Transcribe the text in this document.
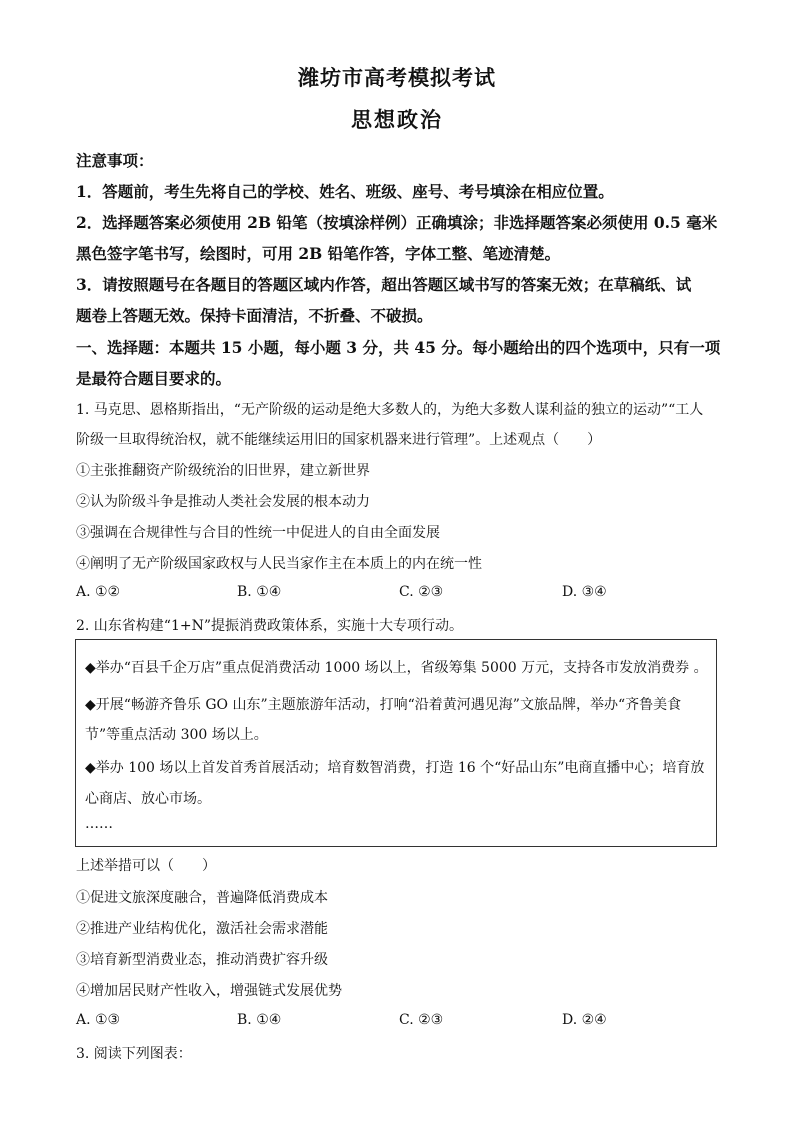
潍坊市高考模拟考试
思想政治
注意事项：
1．答题前，考生先将自己的学校、姓名、班级、座号、考号填涂在相应位置。
2．选择题答案必须使用 2B 铅笔（按填涂样例）正确填涂；非选择题答案必须使用 0.5 毫米
黑色签字笔书写，绘图时，可用 2B 铅笔作答，字体工整、笔迹清楚。
3．请按照题号在各题目的答题区域内作答，超出答题区域书写的答案无效；在草稿纸、试
题卷上答题无效。保持卡面清洁，不折叠、不破损。
一、选择题：本题共 15 小题，每小题 3 分，共 45 分。每小题给出的四个选项中，只有一项
是最符合题目要求的。
1. 马克思、恩格斯指出，“无产阶级的运动是绝大多数人的，为绝大多数人谋利益的独立的运动”“工人
阶级一旦取得统治权，就不能继续运用旧的国家机器来进行管理”。上述观点（　　）
①主张推翻资产阶级统治的旧世界，建立新世界
②认为阶级斗争是推动人类社会发展的根本动力
③强调在合规律性与合目的性统一中促进人的自由全面发展
④阐明了无产阶级国家政权与人民当家作主在本质上的内在统一性
A. ①②	B. ①④	C. ②③	D. ③④
2. 山东省构建“1+N”提振消费政策体系，实施十大专项行动。
◆举办“百县千企万店”重点促消费活动 1000 场以上，省级筹集 5000 万元，支持各市发放消费券 。
◆开展“畅游齐鲁乐 GO 山东”主题旅游年活动，打响“沿着黄河遇见海”文旅品牌，举办“齐鲁美食
节”等重点活动 300 场以上。
◆举办 100 场以上首发首秀首展活动；培育数智消费，打造 16 个“好品山东”电商直播中心；培育放
心商店、放心市场。
……
上述举措可以（　　）
①促进文旅深度融合，普遍降低消费成本
②推进产业结构优化，激活社会需求潜能
③培育新型消费业态，推动消费扩容升级
④增加居民财产性收入，增强链式发展优势
A. ①③	B. ①④	C. ②③	D. ②④
3. 阅读下列图表：
